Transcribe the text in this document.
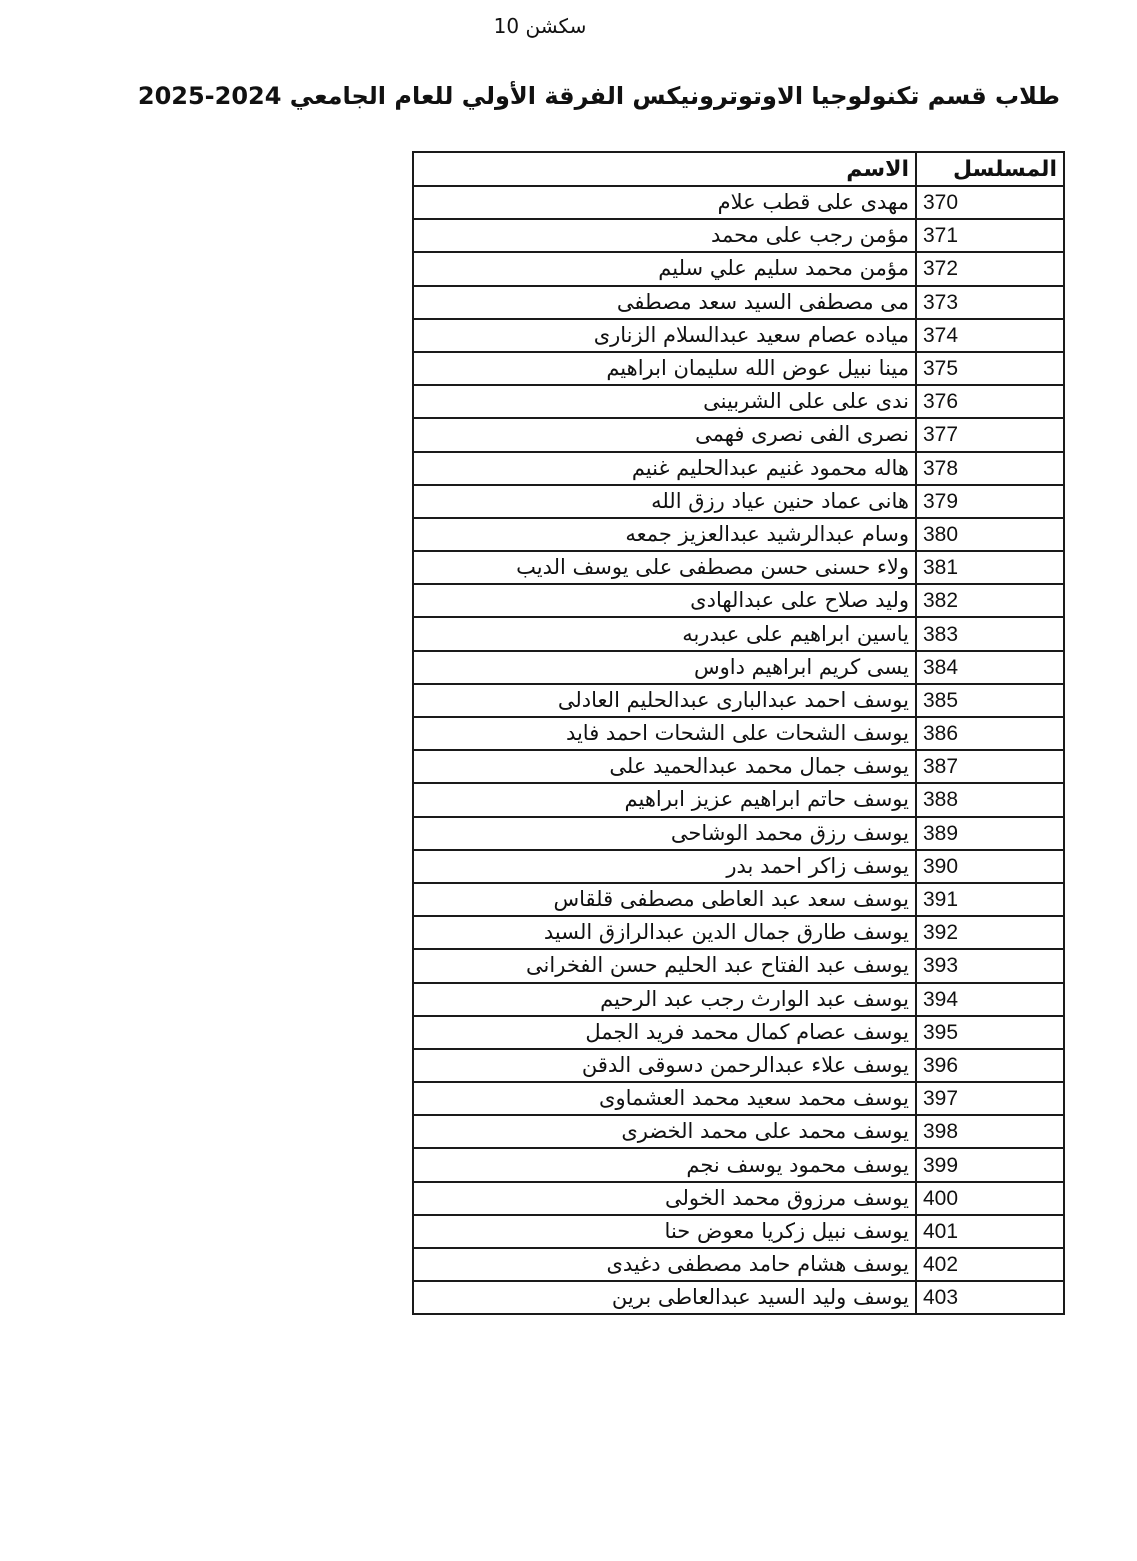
سكشن 10
طلاب قسم تكنولوجيا الاوتوترونيكس الفرقة الأولي للعام الجامعي 2024-2025
المسلسل	الاسم
370	مهدى على قطب علام
371	مؤمن رجب على محمد
372	مؤمن محمد سليم علي سليم
373	مى مصطفى السيد سعد مصطفى
374	مياده عصام سعيد عبدالسلام الزنارى
375	مينا نبيل عوض الله سليمان ابراهيم
376	ندى على على الشربينى
377	نصرى الفى نصرى فهمى
378	هاله محمود غنيم عبدالحليم غنيم
379	هانى عماد حنين عياد رزق الله
380	وسام عبدالرشيد عبدالعزيز جمعه
381	ولاء حسنى حسن مصطفى على يوسف الديب
382	وليد صلاح على عبدالهادى
383	ياسين ابراهيم على عبدربه
384	يسى كريم ابراهيم داوس
385	يوسف احمد عبدالبارى عبدالحليم العادلى
386	يوسف الشحات على الشحات احمد فايد
387	يوسف جمال محمد عبدالحميد على
388	يوسف حاتم ابراهيم عزيز ابراهيم
389	يوسف رزق محمد الوشاحى
390	يوسف زاكر احمد بدر
391	يوسف سعد عبد العاطى مصطفى قلقاس
392	يوسف طارق جمال الدين عبدالرازق السيد
393	يوسف عبد الفتاح عبد الحليم حسن الفخرانى
394	يوسف عبد الوارث رجب عبد الرحيم
395	يوسف عصام كمال محمد فريد الجمل
396	يوسف علاء عبدالرحمن دسوقى الدقن
397	يوسف محمد سعيد محمد العشماوى
398	يوسف محمد على محمد الخضرى
399	يوسف محمود يوسف نجم
400	يوسف مرزوق محمد الخولى
401	يوسف نبيل زكريا معوض حنا
402	يوسف هشام حامد مصطفى دغيدى
403	يوسف وليد السيد عبدالعاطى برين
